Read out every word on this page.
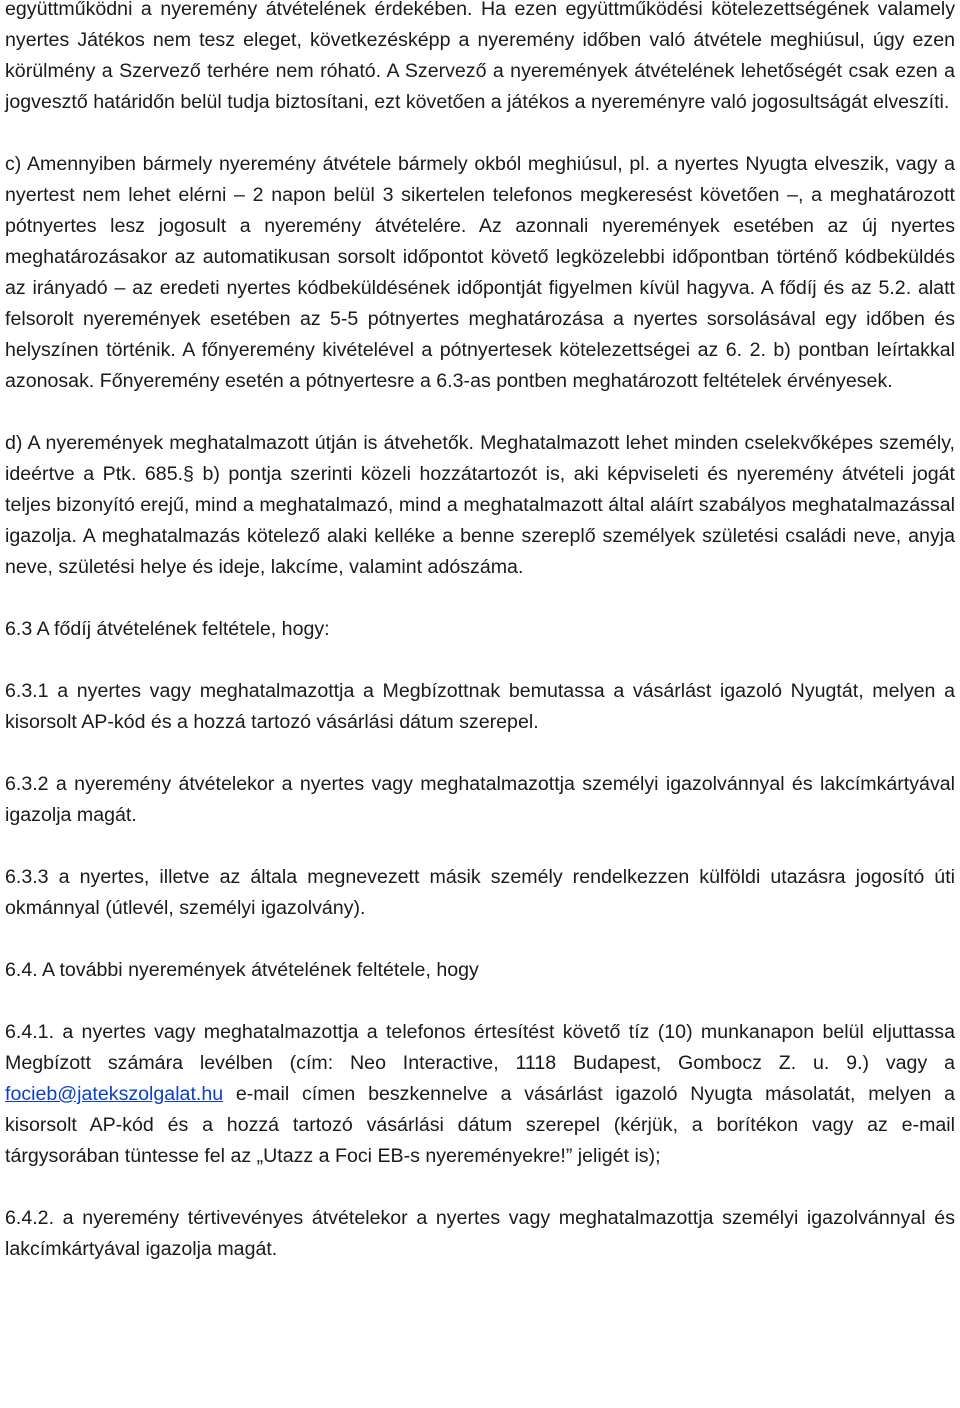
együttműködni a nyeremény átvételének érdekében. Ha ezen együttműködési kötelezettségének valamely nyertes Játékos nem tesz eleget, következésképp a nyeremény időben való átvétele meghiúsul, úgy ezen körülmény a Szervező terhére nem róható. A Szervező a nyeremények átvételének lehetőségét csak ezen a jogvesztő határidőn belül tudja biztosítani, ezt követően a játékos a nyereményre való jogosultságát elveszíti.

c) Amennyiben bármely nyeremény átvétele bármely okból meghiúsul, pl. a nyertes Nyugta elveszik, vagy a nyertest nem lehet elérni – 2 napon belül 3 sikertelen telefonos megkeresést követően –, a meghatározott pótnyertes lesz jogosult a nyeremény átvételére. Az azonnali nyeremények esetében az új nyertes meghatározásakor az automatikusan sorsolt időpontot követő legközelebbi időpontban történő kódbeküldés az irányadó – az eredeti nyertes kódbeküldésének időpontját figyelmen kívül hagyva. A fődíj és az 5.2. alatt felsorolt nyeremények esetében az 5-5 pótnyertes meghatározása a nyertes sorsolásával egy időben és helyszínen történik. A főnyeremény kivételével a pótnyertesek kötelezettségei az 6. 2. b) pontban leírtakkal azonosak. Főnyeremény esetén a pótnyertesre a 6.3-as pontben meghatározott feltételek érvényesek.

d) A nyeremények meghatalmazott útján is átvehetők. Meghatalmazott lehet minden cselekvőképes személy, ideértve a Ptk. 685.§ b) pontja szerinti közeli hozzátartozót is, aki képviseleti és nyeremény átvételi jogát teljes bizonyító erejű, mind a meghatalmazó, mind a meghatalmazott által aláírt szabályos meghatalmazással igazolja. A meghatalmazás kötelező alaki kelléke a benne szereplő személyek születési családi neve, anyja neve, születési helye és ideje, lakcíme, valamint adószáma.

6.3 A fődíj átvételének feltétele, hogy:

6.3.1 a nyertes vagy meghatalmazottja a Megbízottnak bemutassa a vásárlást igazoló Nyugtát, melyen a kisorsolt AP-kód és a hozzá tartozó vásárlási dátum szerepel.

6.3.2 a nyeremény átvételekor a nyertes vagy meghatalmazottja személyi igazolvánnyal és lakcímkártyával igazolja magát.

6.3.3 a nyertes, illetve az általa megnevezett másik személy rendelkezzen külföldi utazásra jogosító úti okmánnyal (útlevél, személyi igazolvány).

6.4. A további nyeremények átvételének feltétele, hogy

6.4.1. a nyertes vagy meghatalmazottja a telefonos értesítést követő tíz (10) munkanapon belül eljuttassa Megbízott számára levélben (cím: Neo Interactive, 1118 Budapest, Gombocz Z. u. 9.) vagy a focieb@jatekszolgalat.hu e-mail címen beszkennelve a vásárlást igazoló Nyugta másolatát, melyen a kisorsolt AP-kód és a hozzá tartozó vásárlási dátum szerepel (kérjük, a borítékon vagy az e-mail tárgysorában tüntesse fel az „Utazz a Foci EB-s nyereményekre!” jeligét is);

6.4.2. a nyeremény tértivevényes átvételekor a nyertes vagy meghatalmazottja személyi igazolvánnyal és lakcímkártyával igazolja magát.
